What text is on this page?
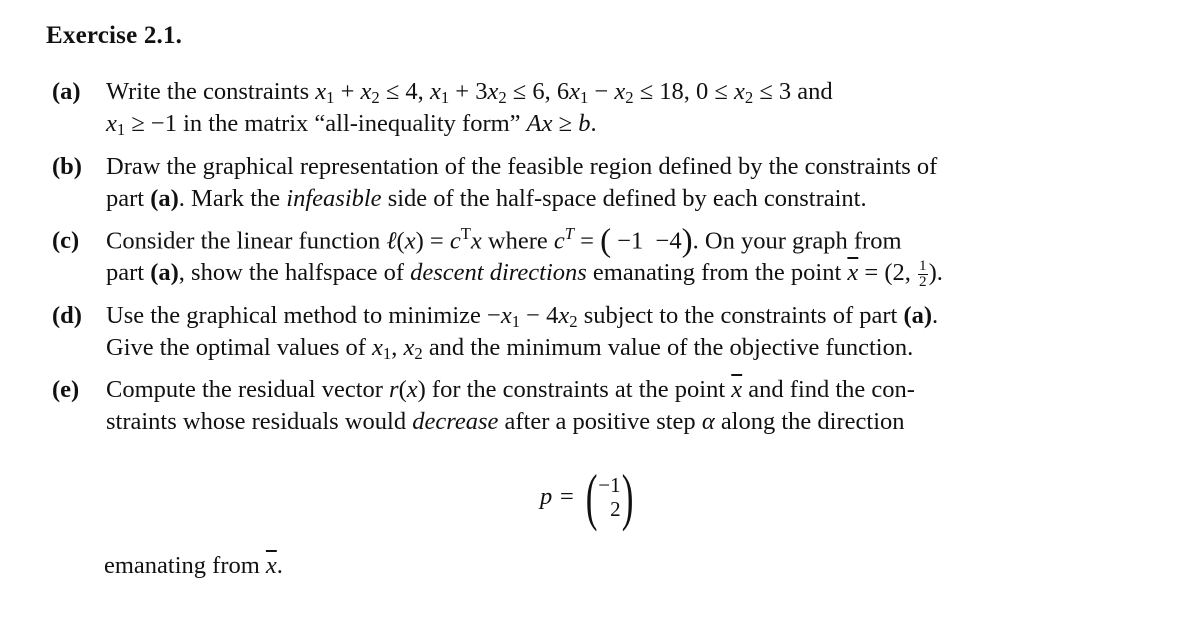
Exercise 2.1.
(a) Write the constraints $x_1 + x_2 \le 4$, $x_1 + 3x_2 \le 6$, $6x_1 - x_2 \le 18$, $0 \le x_2 \le 3$ and
$x_1 \ge -1$ in the matrix “all-inequality form” Ax ≥ b.
(b) Draw the graphical representation of the feasible region defined by the constraints of
part (a). Mark the infeasible side of the half-space defined by each constraint.
(c) Consider the linear function ℓ(x) = $c^Tx$ where $c^T$ = ( −1  −4). On your graph from
part (a), show the halfspace of descent directions emanating from the point $\overline{x} = (2$, $\frac{1}{2}$ ).
(d) Use the graphical method to minimize $-x_1 - 4x_2$ subject to the constraints of part (a).
Give the optimal values of $x_1$, $x_2$ and the minimum value of the objective function.
(e) Compute the residual vector r(x) for the constraints at the point $\overline{x}$ and find the con-
straints whose residuals would decrease after a positive step α along the direction
p = ( −1
2 )
emanating from $\overline{x}$.
